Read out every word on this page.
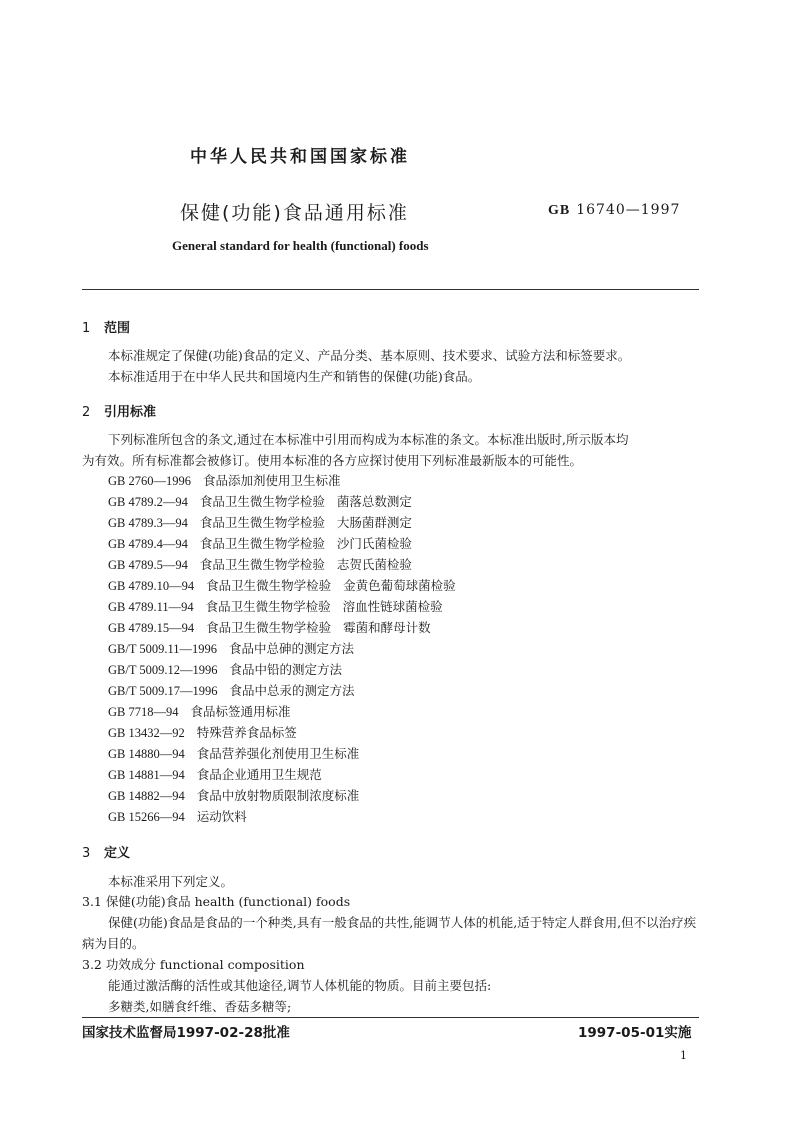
中华人民共和国国家标准
保健(功能)食品通用标准	GB 16740—1997
General standard for health (functional) foods
1 范围
本标准规定了保健(功能)食品的定义、产品分类、基本原则、技术要求、试验方法和标签要求。
本标准适用于在中华人民共和国境内生产和销售的保健(功能)食品。
2 引用标准
下列标准所包含的条文,通过在本标准中引用而构成为本标准的条文。本标准出版时,所示版本均
为有效。所有标准都会被修订。使用本标准的各方应探讨使用下列标准最新版本的可能性。
GB 2760—1996 食品添加剂使用卫生标准
GB 4789.2—94 食品卫生微生物学检验 菌落总数测定
GB 4789.3—94 食品卫生微生物学检验 大肠菌群测定
GB 4789.4—94 食品卫生微生物学检验 沙门氏菌检验
GB 4789.5—94 食品卫生微生物学检验 志贺氏菌检验
GB 4789.10—94 食品卫生微生物学检验 金黄色葡萄球菌检验
GB 4789.11—94 食品卫生微生物学检验 溶血性链球菌检验
GB 4789.15—94 食品卫生微生物学检验 霉菌和酵母计数
GB/T 5009.11—1996 食品中总砷的测定方法
GB/T 5009.12—1996 食品中铅的测定方法
GB/T 5009.17—1996 食品中总汞的测定方法
GB 7718—94 食品标签通用标准
GB 13432—92 特殊营养食品标签
GB 14880—94 食品营养强化剂使用卫生标准
GB 14881—94 食品企业通用卫生规范
GB 14882—94 食品中放射物质限制浓度标准
GB 15266—94 运动饮料
3 定义
本标准采用下列定义。
3.1 保健(功能)食品 health (functional) foods
保健(功能)食品是食品的一个种类,具有一般食品的共性,能调节人体的机能,适于特定人群食用,但不以治疗疾病为目的。
3.2 功效成分 functional composition
能通过激活酶的活性或其他途径,调节人体机能的物质。目前主要包括:
多糖类,如膳食纤维、香菇多糖等;
国家技术监督局1997-02-28批准	1997-05-01实施
1
